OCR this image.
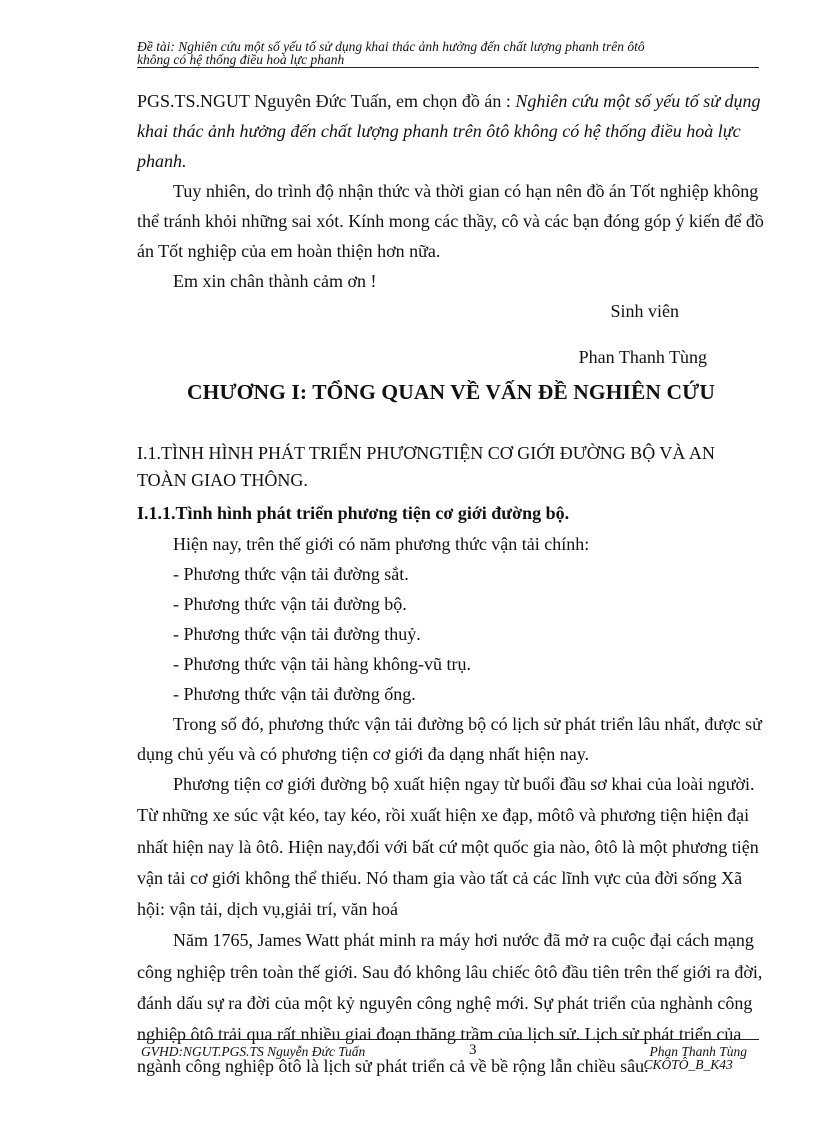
Đề tài: Nghiên cứu một số yếu tố sử dụng khai thác ảnh hưởng đến chất lượng phanh trên ôtô
không có hệ thống điều hoà lực phanh

PGS.TS.NGUT Nguyên Đức Tuấn, em chọn đồ án : Nghiên cứu một số yếu tố sử dụng khai thác ảnh hưởng đến chất lượng phanh trên ôtô không có hệ thống điều hoà lực phanh.

Tuy nhiên, do trình độ nhận thức và thời gian có hạn nên đồ án Tốt nghiệp không thể tránh khỏi những sai xót. Kính mong các thầy, cô và các bạn đóng góp ý kiến để đồ án Tốt nghiệp của em hoàn thiện hơn nữa.

Em xin chân thành cảm ơn !

Sinh viên

Phan Thanh Tùng

CHƯƠNG I: TỔNG QUAN VỀ VẤN ĐỀ NGHIÊN CỨU

I.1.TÌNH HÌNH PHÁT TRIỂN PHƯƠNGTIỆN CƠ GIỚI ĐƯỜNG BỘ VÀ AN TOÀN GIAO THÔNG.

I.1.1.Tình hình phát triển phương tiện cơ giới đường bộ.

Hiện nay, trên thế giới có năm phương thức vận tải chính:

- Phương thức vận tải đường sắt.

- Phương thức vận tải đường bộ.

- Phương thức vận tải đường thuỷ.

- Phương thức vận tải hàng không-vũ trụ.

- Phương thức vận tải đường ống.

Trong số đó, phương thức vận tải đường bộ có lịch sử phát triển lâu nhất, được sử dụng chủ yếu và có phương tiện cơ giới đa dạng nhất hiện nay.

Phương tiện cơ giới đường bộ xuất hiện ngay từ buổi đầu sơ khai của loài người. Từ những xe súc vật kéo, tay kéo, rồi xuất hiện xe đạp, môtô và phương tiện hiện đại nhất hiện nay là ôtô. Hiện nay,đối với bất cứ một quốc gia nào, ôtô là một phương tiện vận tải cơ giới không thể thiếu. Nó tham gia vào tất cả các lĩnh vực của đời sống Xã hội: vận tải, dịch vụ,giải trí, văn hoá

Năm 1765, James Watt phát minh ra máy hơi nước đã mở ra cuộc đại cách mạng công nghiệp trên toàn thế giới. Sau đó không lâu chiếc ôtô đầu tiên trên thế giới ra đời, đánh dấu sự ra đời của một kỷ nguyên công nghệ mới. Sự phát triển của nghành công nghiệp ôtô trải qua rất nhiều giai đoạn thăng trầm của lịch sử. Lịch sử phát triển của ngành công nghiệp ôtô là lịch sử phát triển cả về bề rộng lẫn chiều sâu.

GVHD:NGUT.PGS.TS Nguyễn Đức Tuấn	3	Phan Thanh Tùng
CKÔTÔ_B_K43
